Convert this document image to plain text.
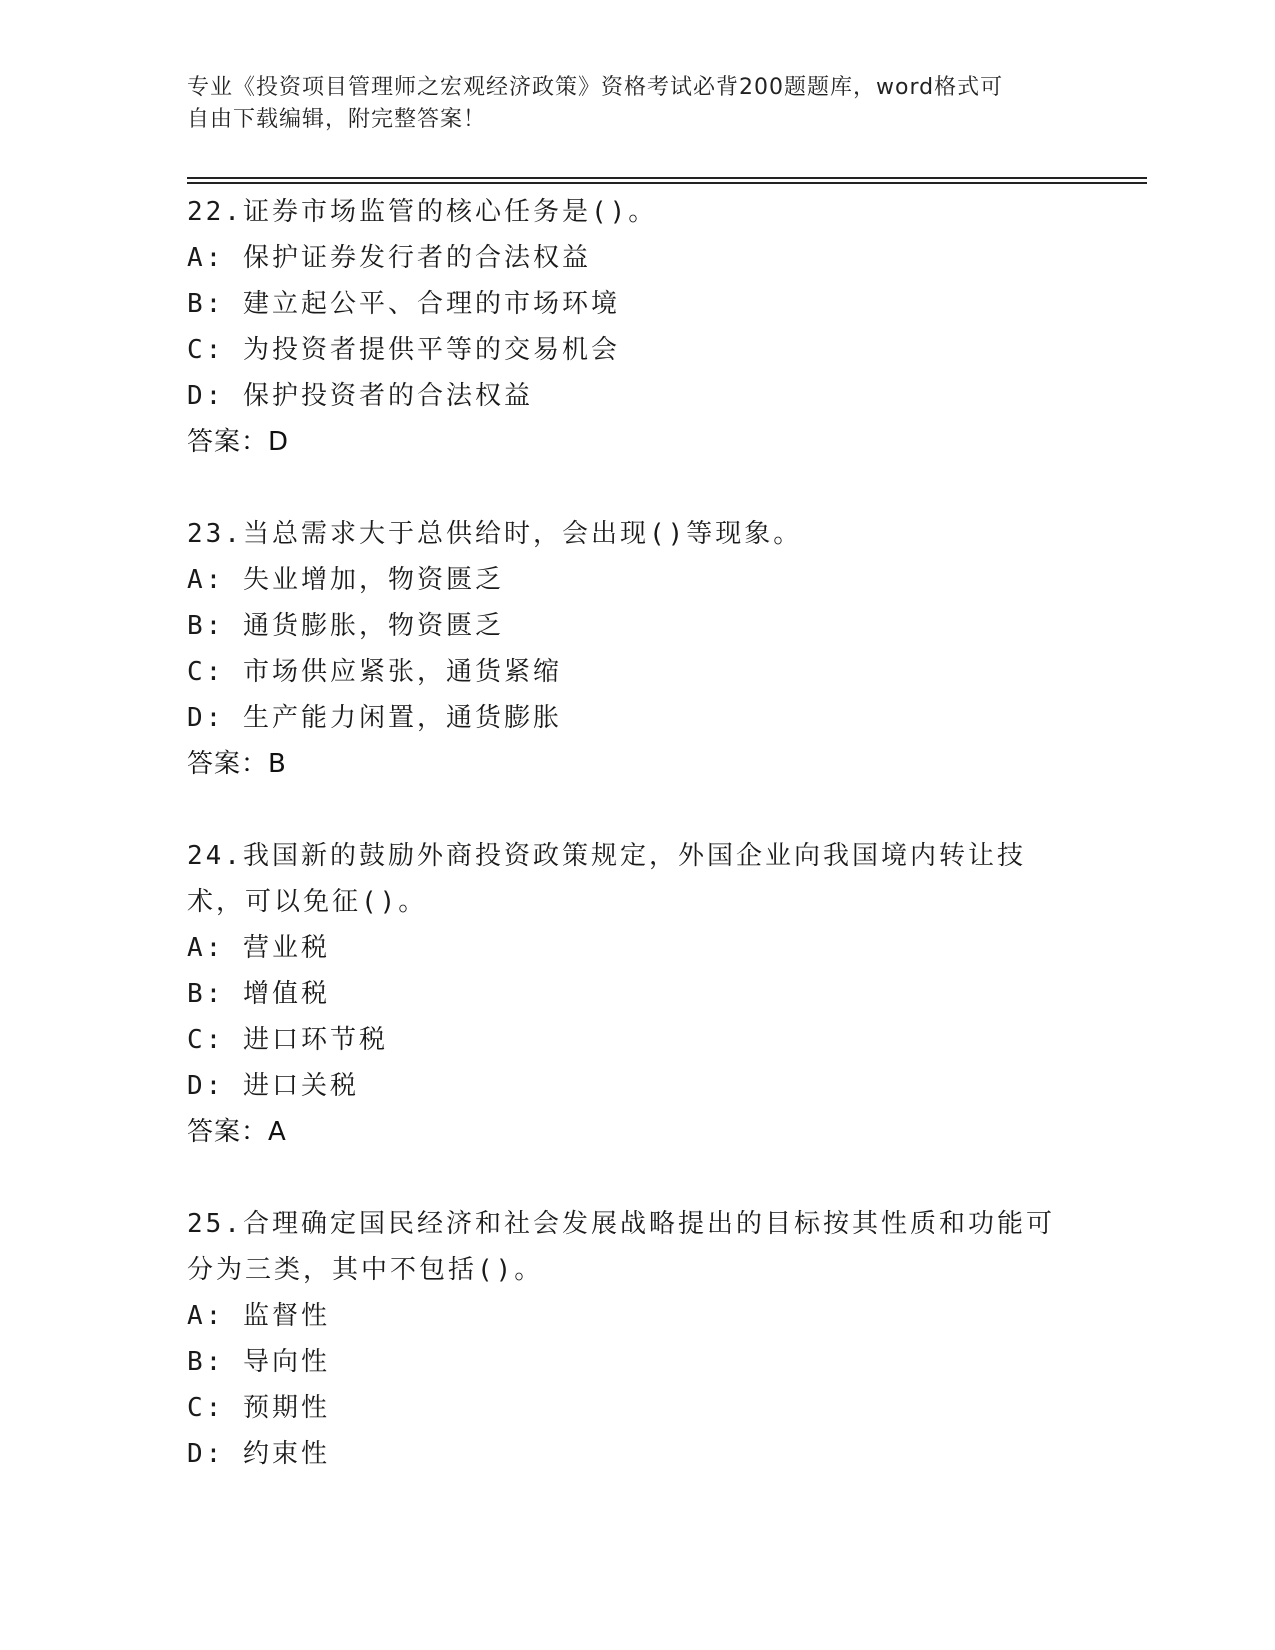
专业《投资项目管理师之宏观经济政策》资格考试必背200题题库，word格式可
自由下载编辑，附完整答案！
22.证券市场监管的核心任务是()。
A: 保护证券发行者的合法权益
B: 建立起公平、合理的市场环境
C: 为投资者提供平等的交易机会
D: 保护投资者的合法权益
答案：D
23.当总需求大于总供给时，会出现()等现象。
A: 失业增加，物资匮乏
B: 通货膨胀，物资匮乏
C: 市场供应紧张，通货紧缩
D: 生产能力闲置，通货膨胀
答案：B
24.我国新的鼓励外商投资政策规定，外国企业向我国境内转让技术，可以免征()。
A: 营业税
B: 增值税
C: 进口环节税
D: 进口关税
答案：A
25.合理确定国民经济和社会发展战略提出的目标按其性质和功能可分为三类，其中不包括()。
A: 监督性
B: 导向性
C: 预期性
D: 约束性
